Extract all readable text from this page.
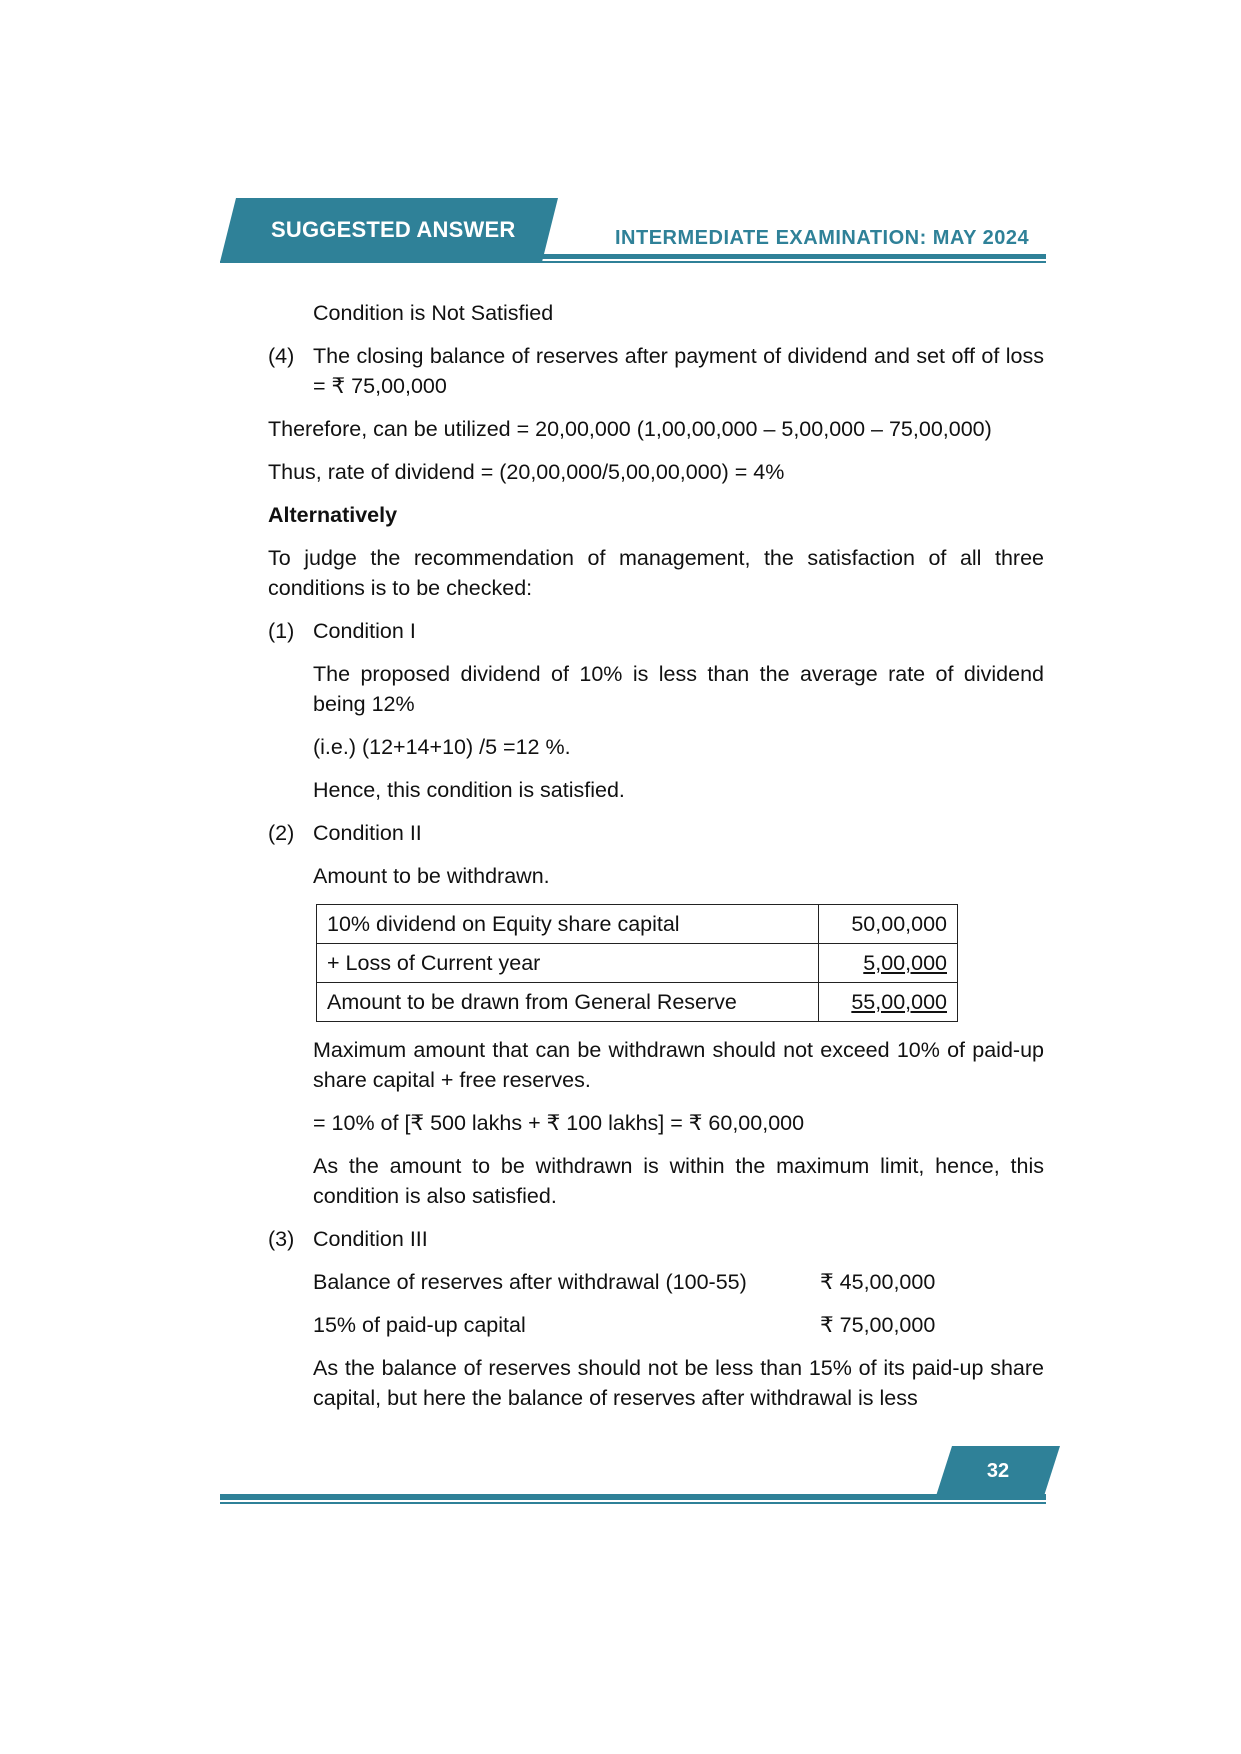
SUGGESTED ANSWER	INTERMEDIATE EXAMINATION: MAY 2024

Condition is Not Satisfied

(4) The closing balance of reserves after payment of dividend and set off of loss = ₹ 75,00,000

Therefore, can be utilized = 20,00,000 (1,00,00,000 – 5,00,000 – 75,00,000)

Thus, rate of dividend = (20,00,000/5,00,00,000) = 4%

Alternatively

To judge the recommendation of management, the satisfaction of all three conditions is to be checked:

(1) Condition I

The proposed dividend of 10% is less than the average rate of dividend being 12%

(i.e.) (12+14+10) /5 =12 %.

Hence, this condition is satisfied.

(2) Condition II

Amount to be withdrawn.

10% dividend on Equity share capital	50,00,000
+ Loss of Current year	5,00,000
Amount to be drawn from General Reserve	55,00,000

Maximum amount that can be withdrawn should not exceed 10% of paid-up share capital + free reserves.

= 10% of [₹ 500 lakhs + ₹ 100 lakhs] = ₹ 60,00,000

As the amount to be withdrawn is within the maximum limit, hence, this condition is also satisfied.

(3) Condition III
Balance of reserves after withdrawal (100-55)	₹ 45,00,000
15% of paid-up capital	₹ 75,00,000

As the balance of reserves should not be less than 15% of its paid-up share capital, but here the balance of reserves after withdrawal is less

32
